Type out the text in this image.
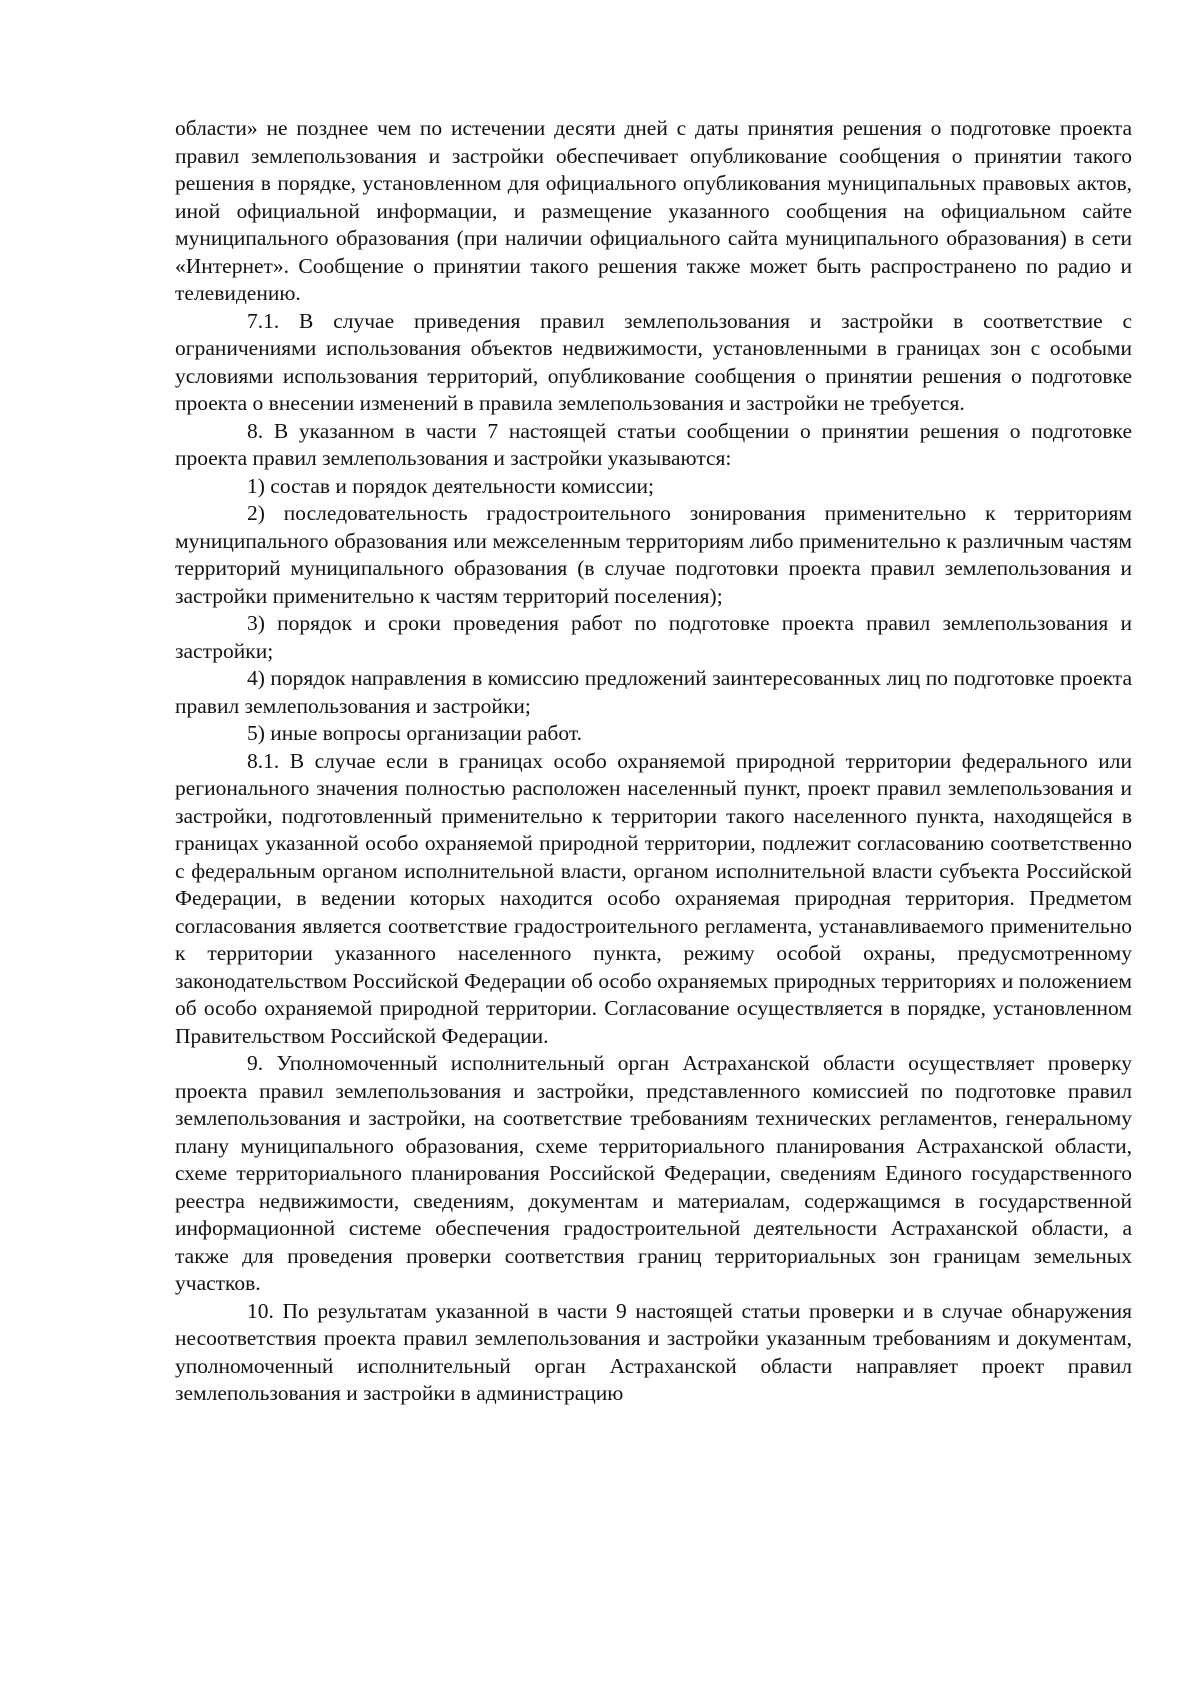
области» не позднее чем по истечении десяти дней с даты принятия решения о подготовке проекта правил землепользования и застройки обеспечивает опубликование сообщения о принятии такого решения в порядке, установленном для официального опубликования муниципальных правовых актов, иной официальной информации, и размещение указанного сообщения на официальном сайте муниципального образования (при наличии официального сайта муниципального образования) в сети «Интернет». Сообщение о принятии такого решения также может быть распространено по радио и телевидению.

7.1. В случае приведения правил землепользования и застройки в соответствие с ограничениями использования объектов недвижимости, установленными в границах зон с особыми условиями использования территорий, опубликование сообщения о принятии решения о подготовке проекта о внесении изменений в правила землепользования и застройки не требуется.

8. В указанном в части 7 настоящей статьи сообщении о принятии решения о подготовке проекта правил землепользования и застройки указываются:

1) состав и порядок деятельности комиссии;

2) последовательность градостроительного зонирования применительно к территориям муниципального образования или межселенным территориям либо применительно к различным частям территорий муниципального образования (в случае подготовки проекта правил землепользования и застройки применительно к частям территорий поселения);

3) порядок и сроки проведения работ по подготовке проекта правил землепользования и застройки;

4) порядок направления в комиссию предложений заинтересованных лиц по подготовке проекта правил землепользования и застройки;

5) иные вопросы организации работ.

8.1. В случае если в границах особо охраняемой природной территории федерального или регионального значения полностью расположен населенный пункт, проект правил землепользования и застройки, подготовленный применительно к территории такого населенного пункта, находящейся в границах указанной особо охраняемой природной территории, подлежит согласованию соответственно с федеральным органом исполнительной власти, органом исполнительной власти субъекта Российской Федерации, в ведении которых находится особо охраняемая природная территория. Предметом согласования является соответствие градостроительного регламента, устанавливаемого применительно к территории указанного населенного пункта, режиму особой охраны, предусмотренному законодательством Российской Федерации об особо охраняемых природных территориях и положением об особо охраняемой природной территории. Согласование осуществляется в порядке, установленном Правительством Российской Федерации.

9. Уполномоченный исполнительный орган Астраханской области осуществляет проверку проекта правил землепользования и застройки, представленного комиссией по подготовке правил землепользования и застройки, на соответствие требованиям технических регламентов, генеральному плану муниципального образования, схеме территориального планирования Астраханской области, схеме территориального планирования Российской Федерации, сведениям Единого государственного реестра недвижимости, сведениям, документам и материалам, содержащимся в государственной информационной системе обеспечения градостроительной деятельности Астраханской области, а также для проведения проверки соответствия границ территориальных зон границам земельных участков.

10. По результатам указанной в части 9 настоящей статьи проверки и в случае обнаружения несоответствия проекта правил землепользования и застройки указанным требованиям и документам, уполномоченный исполнительный орган Астраханской области направляет проект правил землепользования и застройки в администрацию
